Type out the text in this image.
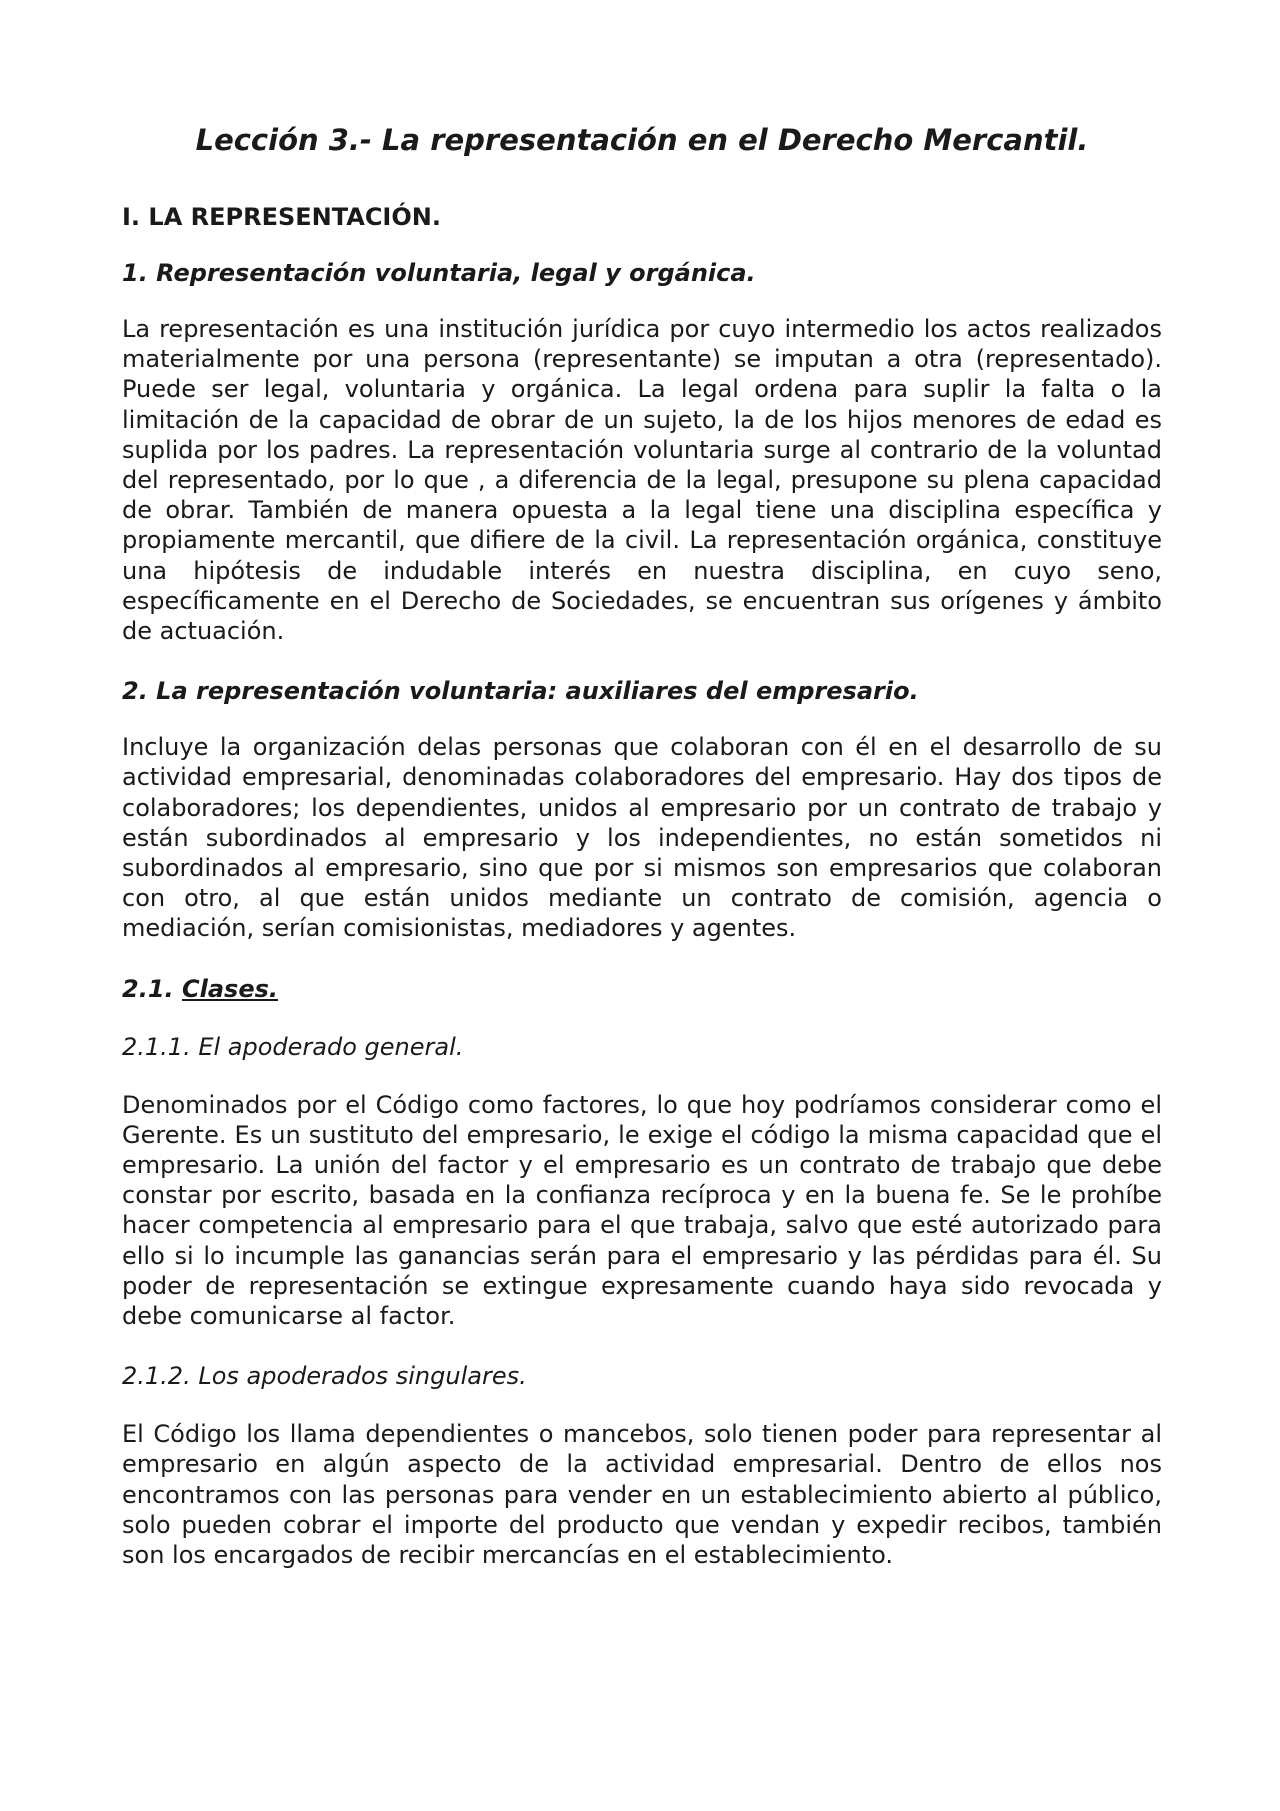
Lección 3.- La representación en el Derecho Mercantil.
I. LA REPRESENTACIÓN.
1. Representación voluntaria, legal y orgánica.
La representación es una institución jurídica por cuyo intermedio los actos realizados materialmente por una persona (representante) se imputan a otra (representado). Puede ser legal, voluntaria y orgánica. La legal ordena para suplir la falta o la limitación de la capacidad de obrar de un sujeto, la de los hijos menores de edad es suplida por los padres. La representación voluntaria surge al contrario de la voluntad del representado, por lo que , a diferencia de la legal, presupone su plena capacidad de obrar. También de manera opuesta a la legal tiene una disciplina específica y propiamente mercantil, que difiere de la civil. La representación orgánica, constituye una hipótesis de indudable interés en nuestra disciplina, en cuyo seno, específicamente en el Derecho de Sociedades, se encuentran sus orígenes y ámbito de actuación.
2. La representación voluntaria: auxiliares del empresario.
Incluye la organización delas personas que colaboran con él en el desarrollo de su actividad empresarial, denominadas colaboradores del empresario. Hay dos tipos de colaboradores; los dependientes, unidos al empresario por un contrato de trabajo y están subordinados al empresario y los independientes, no están sometidos ni subordinados al empresario, sino que por si mismos son empresarios que colaboran con otro, al que están unidos mediante un contrato de comisión, agencia o mediación, serían comisionistas, mediadores y agentes.
2.1. Clases.
2.1.1. El apoderado general.
Denominados por el Código como factores, lo que hoy podríamos considerar como el Gerente. Es un sustituto del empresario, le exige el código la misma capacidad que el empresario. La unión del factor y el empresario es un contrato de trabajo que debe constar por escrito, basada en la confianza recíproca y en la buena fe. Se le prohíbe hacer competencia al empresario para el que trabaja, salvo que esté autorizado para ello si lo incumple las ganancias serán para el empresario y las pérdidas para él. Su poder de representación se extingue expresamente cuando haya sido revocada y debe comunicarse al factor.
2.1.2. Los apoderados singulares.
El Código los llama dependientes o mancebos, solo tienen poder para representar al empresario en algún aspecto de la actividad empresarial. Dentro de ellos nos encontramos con las personas para vender en un establecimiento abierto al público, solo pueden cobrar el importe del producto que vendan y expedir recibos, también son los encargados de recibir mercancías en el establecimiento.
